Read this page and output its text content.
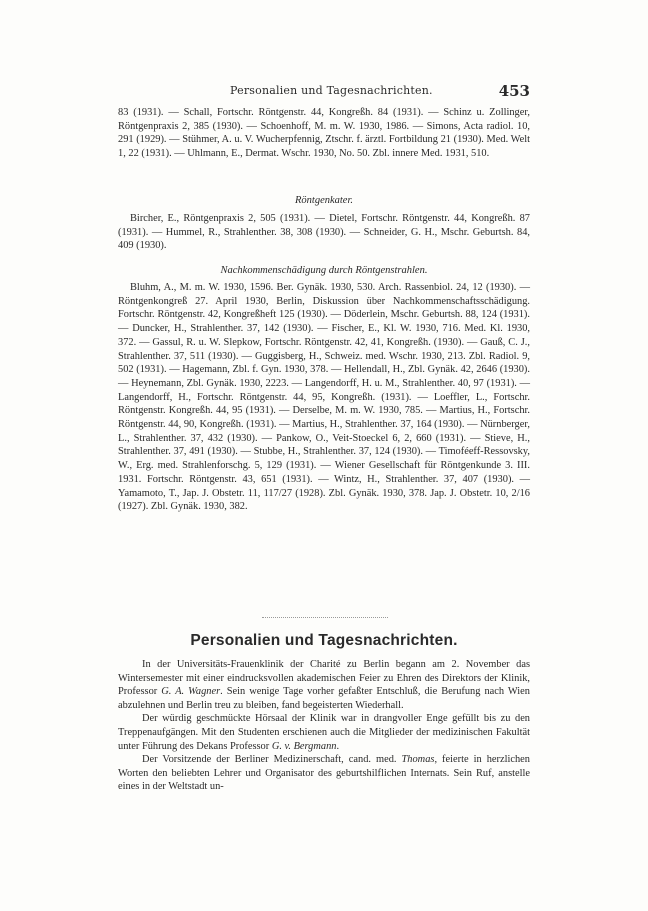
Personalien und Tagesnachrichten.	453
83 (1931). — Schall, Fortschr. Röntgenstr. 44, Kongreßh. 84 (1931). — Schinz u. Zollinger, Röntgenpraxis 2, 385 (1930). — Schoenhoff, M. m. W. 1930, 1986. — Simons, Acta radiol. 10, 291 (1929). — Stühmer, A. u. V. Wucherpfennig, Ztschr. f. ärztl. Fortbildung 21 (1930). Med. Welt 1, 22 (1931). — Uhlmann, E., Dermat. Wschr. 1930, No. 50. Zbl. innere Med. 1931, 510.
Röntgenkater.
Bircher, E., Röntgenpraxis 2, 505 (1931). — Dietel, Fortschr. Röntgenstr. 44, Kongreßh. 87 (1931). — Hummel, R., Strahlenther. 38, 308 (1930). — Schneider, G. H., Mschr. Geburtsh. 84, 409 (1930).
Nachkommenschädigung durch Röntgenstrahlen.
Bluhm, A., M. m. W. 1930, 1596. Ber. Gynäk. 1930, 530. Arch. Rassenbiol. 24, 12 (1930). — Röntgenkongreß 27. April 1930, Berlin, Diskussion über Nachkommenschaftsschädigung. Fortschr. Röntgenstr. 42, Kongreßheft 125 (1930). — Döderlein, Mschr. Geburtsh. 88, 124 (1931). — Duncker, H., Strahlenther. 37, 142 (1930). — Fischer, E., Kl. W. 1930, 716. Med. Kl. 1930, 372. — Gassul, R. u. W. Slepkow, Fortschr. Röntgenstr. 42, 41, Kongreßh. (1930). — Gauß, C. J., Strahlenther. 37, 511 (1930). — Guggisberg, H., Schweiz. med. Wschr. 1930, 213. Zbl. Radiol. 9, 502 (1931). — Hagemann, Zbl. f. Gyn. 1930, 378. — Hellendall, H., Zbl. Gynäk. 42, 2646 (1930). — Heynemann, Zbl. Gynäk. 1930, 2223. — Langendorff, H. u. M., Strahlenther. 40, 97 (1931). — Langendorff, H., Fortschr. Röntgenstr. 44, 95, Kongreßh. (1931). — Loeffler, L., Fortschr. Röntgenstr. Kongreßh. 44, 95 (1931). — Derselbe, M. m. W. 1930, 785. — Martius, H., Fortschr. Röntgenstr. 44, 90, Kongreßh. (1931). — Martius, H., Strahlenther. 37, 164 (1930). — Nürnberger, L., Strahlenther. 37, 432 (1930). — Pankow, O., Veit-Stoeckel 6, 2, 660 (1931). — Stieve, H., Strahlenther. 37, 491 (1930). — Stubbe, H., Strahlenther. 37, 124 (1930). — Timoféeff-Ressovsky, W., Erg. med. Strahlenforschg. 5, 129 (1931). — Wiener Gesellschaft für Röntgenkunde 3. III. 1931. Fortschr. Röntgenstr. 43, 651 (1931). — Wintz, H., Strahlenther. 37, 407 (1930). — Yamamoto, T., Jap. J. Obstetr. 11, 117/27 (1928). Zbl. Gynäk. 1930, 378. Jap. J. Obstetr. 10, 2/16 (1927). Zbl. Gynäk. 1930, 382.
Personalien und Tagesnachrichten.

In der Universitäts-Frauenklinik der Charité zu Berlin begann am 2. November das Wintersemester mit einer eindrucksvollen akademischen Feier zu Ehren des Direktors der Klinik, Professor G. A. Wagner. Sein wenige Tage vorher gefaßter Entschluß, die Berufung nach Wien abzulehnen und Berlin treu zu bleiben, fand begeisterten Wiederhall.

Der würdig geschmückte Hörsaal der Klinik war in drangvoller Enge gefüllt bis zu den Treppenaufgängen. Mit den Studenten erschienen auch die Mitglieder der medizinischen Fakultät unter Führung des Dekans Professor G. v. Bergmann.

Der Vorsitzende der Berliner Medizinerschaft, cand. med. Thomas, feierte in herzlichen Worten den beliebten Lehrer und Organisator des geburtshilflichen Internats. Sein Ruf, anstelle eines in der Weltstadt un-
